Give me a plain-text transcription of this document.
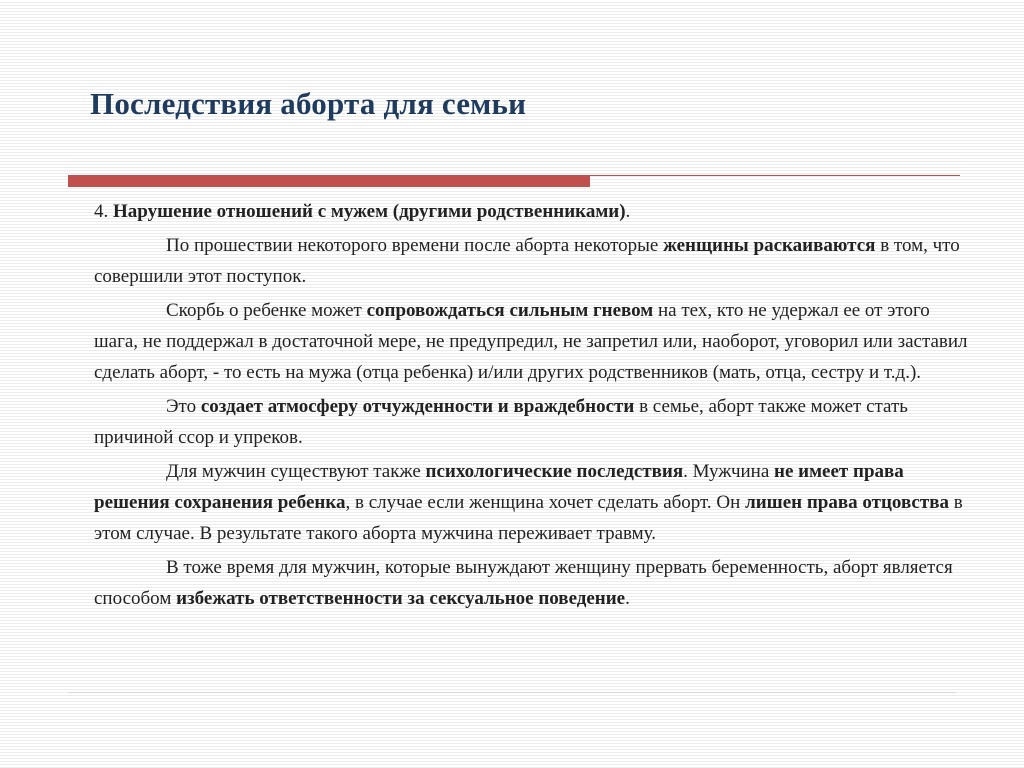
Последствия аборта для семьи

4. Нарушение отношений с мужем (другими родственниками).

По прошествии некоторого времени после аборта некоторые женщины раскаиваются в том, что совершили этот поступок.

Скорбь о ребенке может сопровождаться сильным гневом на тех, кто не удержал ее от этого шага, не поддержал в достаточной мере, не предупредил, не запретил или, наоборот, уговорил или заставил сделать аборт, - то есть на мужа (отца ребенка) и/или других родственников (мать, отца, сестру и т.д.).

Это создает атмосферу отчужденности и враждебности в семье, аборт также может стать причиной ссор и упреков.

Для мужчин существуют также психологические последствия. Мужчина не имеет права решения сохранения ребенка, в случае если женщина хочет сделать аборт. Он лишен права отцовства в этом случае. В результате такого аборта мужчина переживает травму.

В тоже время для мужчин, которые вынуждают женщину прервать беременность, аборт является способом избежать ответственности за сексуальное поведение.
